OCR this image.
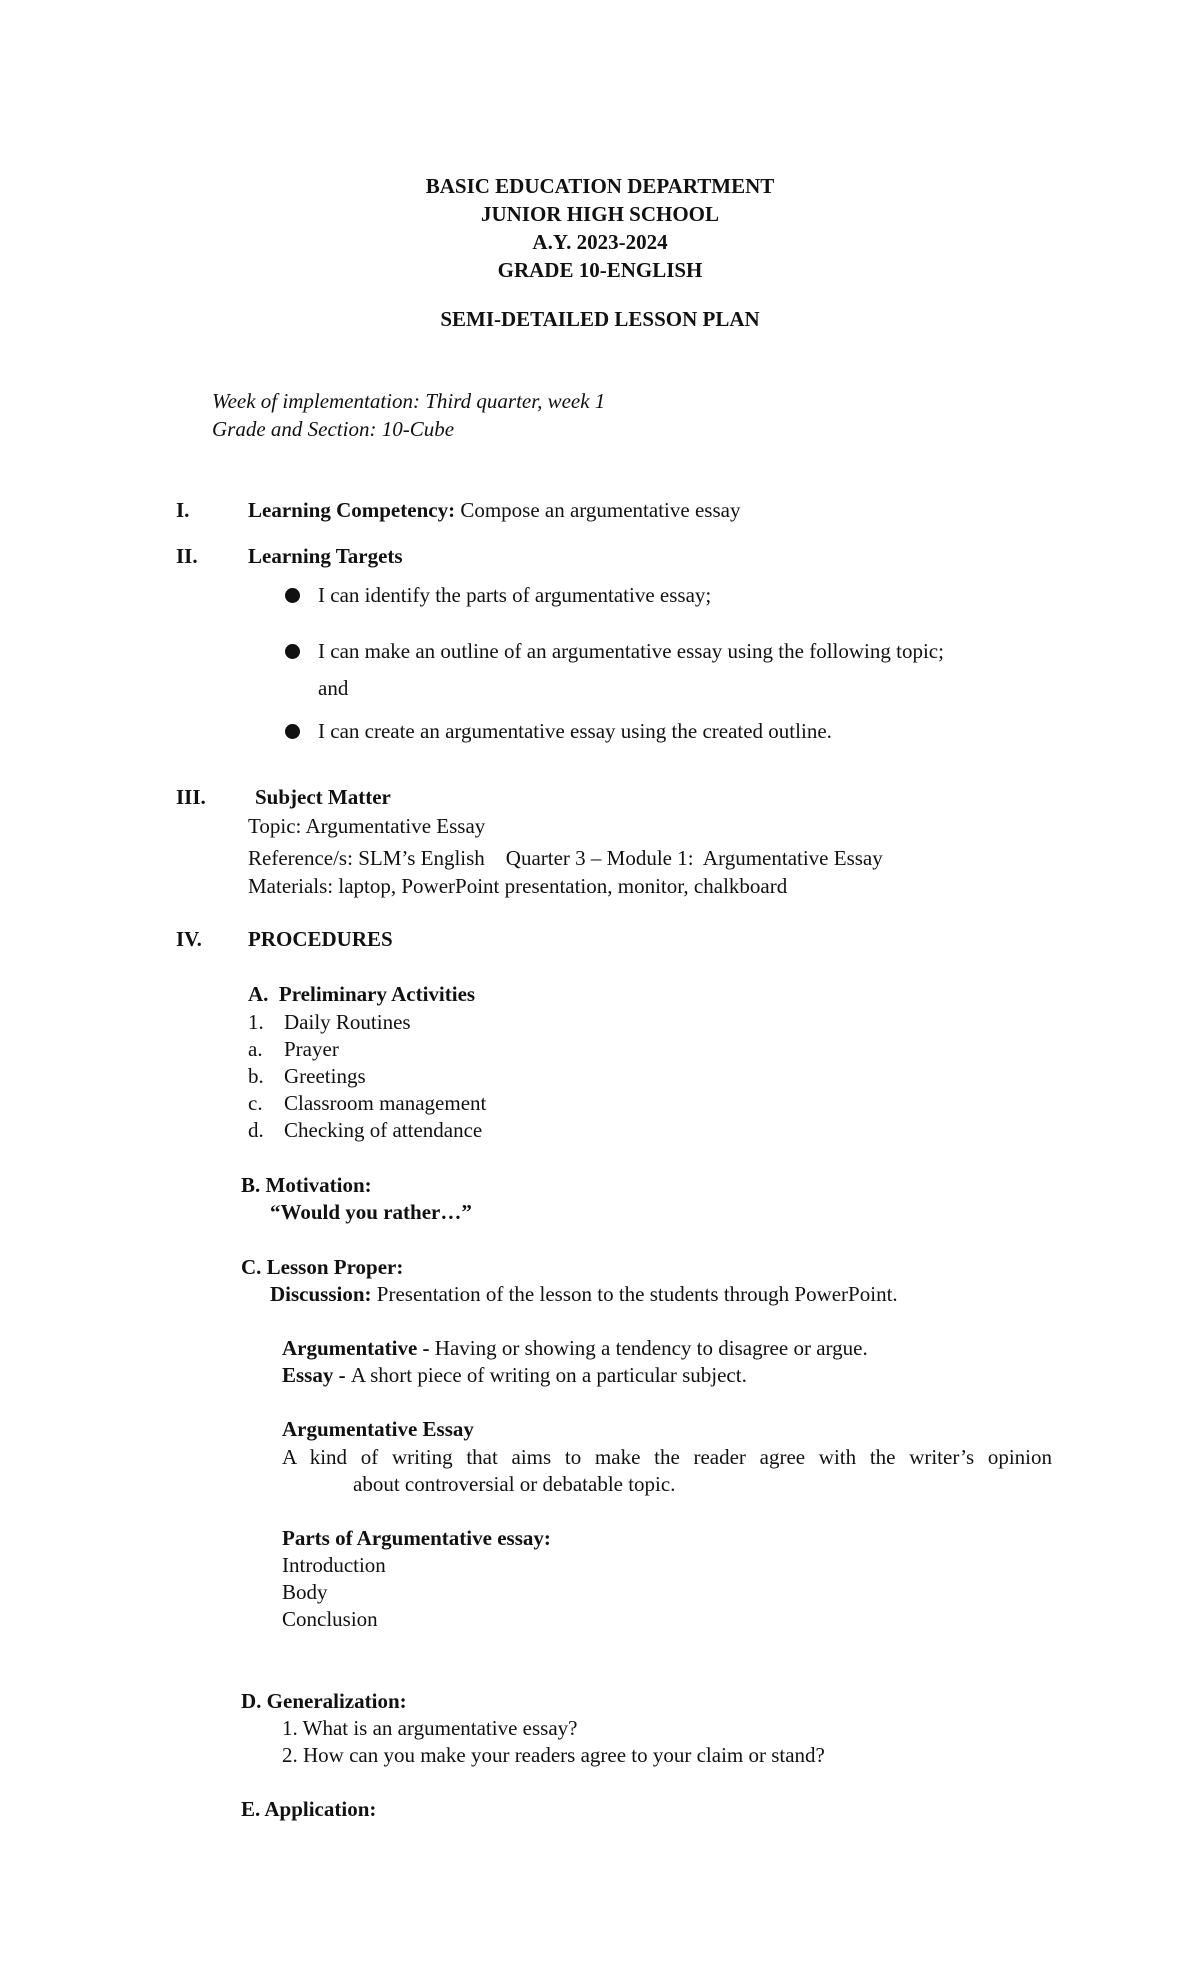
BASIC EDUCATION DEPARTMENT
JUNIOR HIGH SCHOOL
A.Y. 2023-2024
GRADE 10-ENGLISH
SEMI-DETAILED LESSON PLAN
Week of implementation: Third quarter, week 1
Grade and Section: 10-Cube
I.	Learning Competency: Compose an argumentative essay
II.	Learning Targets
I can identify the parts of argumentative essay;
I can make an outline of an argumentative essay using the following topic;
and
I can create an argumentative essay using the created outline.
III.	Subject Matter
Topic: Argumentative Essay
Reference/s: SLM’s English    Quarter 3 – Module 1:  Argumentative Essay
Materials: laptop, PowerPoint presentation, monitor, chalkboard
IV.	PROCEDURES
A.  Preliminary Activities
1. Daily Routines
a. Prayer
b. Greetings
c. Classroom management
d. Checking of attendance
B. Motivation:
“Would you rather…”
C. Lesson Proper:
Discussion: Presentation of the lesson to the students through PowerPoint.
Argumentative - Having or showing a tendency to disagree or argue.
Essay - A short piece of writing on a particular subject.
Argumentative Essay
A kind of writing that aims to make the reader agree with the writer’s opinion
about controversial or debatable topic.
Parts of Argumentative essay:
Introduction
Body
Conclusion
D. Generalization:
1. What is an argumentative essay?
2. How can you make your readers agree to your claim or stand?
E. Application:
